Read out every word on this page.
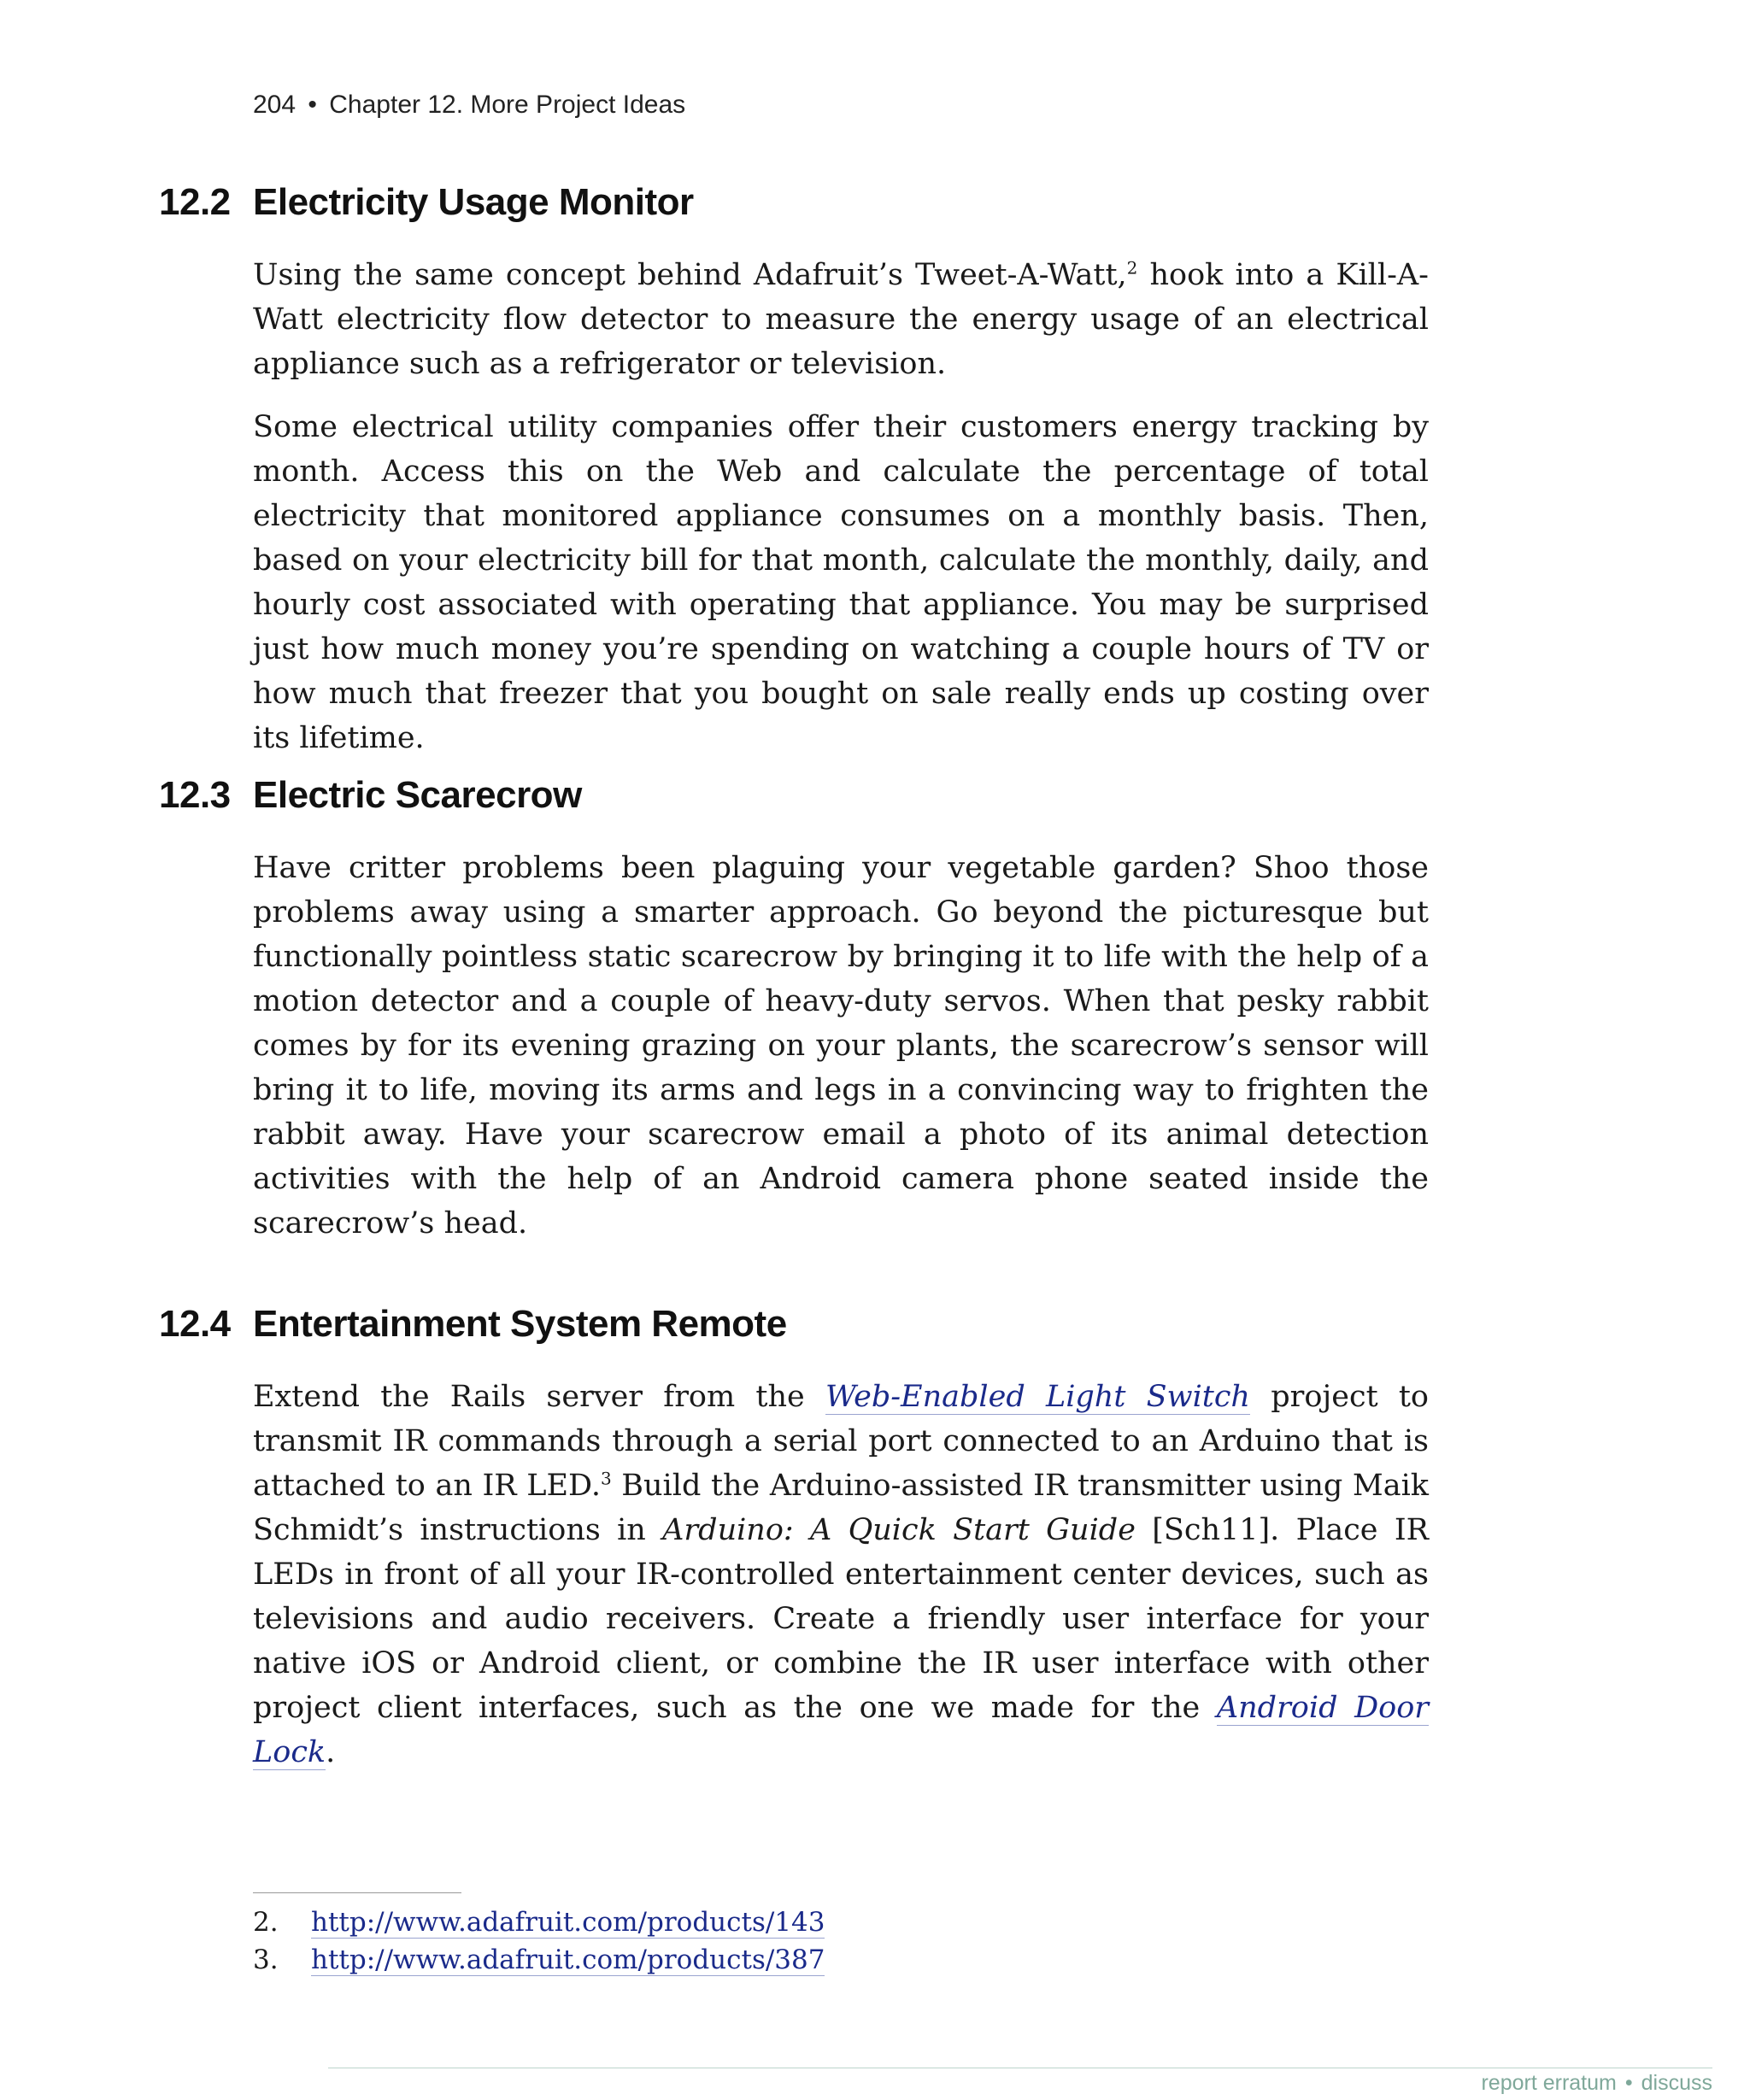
204 • Chapter 12. More Project Ideas
12.2 Electricity Usage Monitor

Using the same concept behind Adafruit’s Tweet-A-Watt,$^2$ hook into a Kill-A-Watt electricity flow detector to measure the energy usage of an electrical appliance such as a refrigerator or television.

Some electrical utility companies offer their customers energy tracking by month. Access this on the Web and calculate the percentage of total electricity that monitored appliance consumes on a monthly basis. Then, based on your electricity bill for that month, calculate the monthly, daily, and hourly cost associated with operating that appliance. You may be surprised just how much money you’re spending on watching a couple hours of TV or how much that freezer that you bought on sale really ends up costing over its lifetime.

12.3 Electric Scarecrow

Have critter problems been plaguing your vegetable garden? Shoo those problems away using a smarter approach. Go beyond the picturesque but functionally pointless static scarecrow by bringing it to life with the help of a motion detector and a couple of heavy-duty servos. When that pesky rabbit comes by for its evening grazing on your plants, the scarecrow’s sensor will bring it to life, moving its arms and legs in a convincing way to frighten the rabbit away. Have your scarecrow email a photo of its animal detection activities with the help of an Android camera phone seated inside the scarecrow’s head.

12.4 Entertainment System Remote

Extend the Rails server from the Web-Enabled Light Switch project to transmit IR commands through a serial port connected to an Arduino that is attached to an IR LED.$^3$ Build the Arduino-assisted IR transmitter using Maik Schmidt’s instructions in Arduino: A Quick Start Guide [Sch11]. Place IR LEDs in front of all your IR-controlled entertainment center devices, such as televisions and audio receivers. Create a friendly user interface for your native iOS or Android client, or combine the IR user interface with other project client interfaces, such as the one we made for the Android Door Lock.

2. http://www.adafruit.com/products/143
3. http://www.adafruit.com/products/387
report erratum • discuss
